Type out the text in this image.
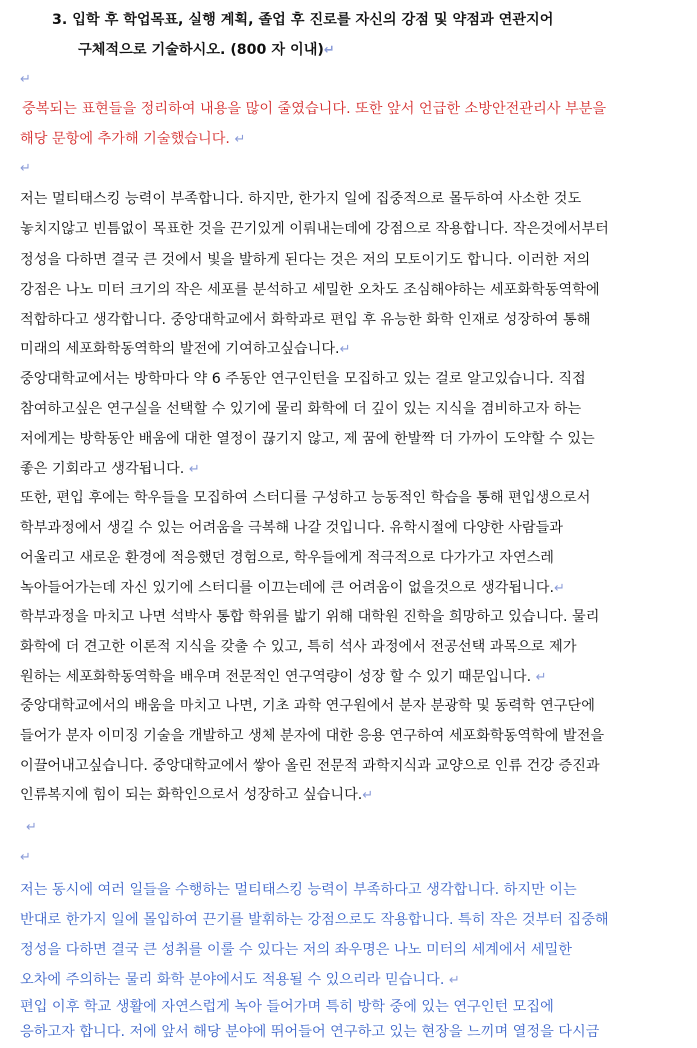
3. 입학 후 학업목표, 실행 계획, 졸업 후 진로를 자신의 강점 및 약점과 연관지어
구체적으로 기술하시오. (800 자 이내)↵
↵
중복되는 표현들을 정리하여 내용을 많이 줄였습니다. 또한 앞서 언급한 소방안전관리사 부분을
해당 문항에 추가해 기술했습니다. ↵
↵
저는 멀티태스킹 능력이 부족합니다. 하지만, 한가지 일에 집중적으로 몰두하여 사소한 것도
놓치지않고 빈틈없이 목표한 것을 끈기있게 이뤄내는데에 강점으로 작용합니다. 작은것에서부터
정성을 다하면 결국 큰 것에서 빛을 발하게 된다는 것은 저의 모토이기도 합니다. 이러한 저의
강점은 나노 미터 크기의 작은 세포를 분석하고 세밀한 오차도 조심해야하는 세포화학동역학에
적합하다고 생각합니다. 중앙대학교에서 화학과로 편입 후 유능한 화학 인재로 성장하여 통해
미래의 세포화학동역학의 발전에 기여하고싶습니다.↵
중앙대학교에서는 방학마다 약 6 주동안 연구인턴을 모집하고 있는 걸로 알고있습니다. 직접
참여하고싶은 연구실을 선택할 수 있기에 물리 화학에 더 깊이 있는 지식을 겸비하고자 하는
저에게는 방학동안 배움에 대한 열정이 끊기지 않고, 제 꿈에 한발짝 더 가까이 도약할 수 있는
좋은 기회라고 생각됩니다. ↵
또한, 편입 후에는 학우들을 모집하여 스터디를 구성하고 능동적인 학습을 통해 편입생으로서
학부과정에서 생길 수 있는 어려움을 극복해 나갈 것입니다. 유학시절에 다양한 사람들과
어울리고 새로운 환경에 적응했던 경험으로, 학우들에게 적극적으로 다가가고 자연스레
녹아들어가는데 자신 있기에 스터디를 이끄는데에 큰 어려움이 없을것으로 생각됩니다.↵
학부과정을 마치고 나면 석박사 통합 학위를 밟기 위해 대학원 진학을 희망하고 있습니다. 물리
화학에 더 견고한 이론적 지식을 갖출 수 있고, 특히 석사 과정에서 전공선택 과목으로 제가
원하는 세포화학동역학을 배우며 전문적인 연구역량이 성장 할 수 있기 때문입니다. ↵
중앙대학교에서의 배움을 마치고 나면, 기초 과학 연구원에서 분자 분광학 및 동력학 연구단에
들어가 분자 이미징 기술을 개발하고 생체 분자에 대한 응용 연구하여 세포화학동역학에 발전을
이끌어내고싶습니다. 중앙대학교에서 쌓아 올린 전문적 과학지식과 교양으로 인류 건강 증진과
인류복지에 힘이 되는 화학인으로서 성장하고 싶습니다.↵
↵
↵
저는 동시에 여러 일들을 수행하는 멀티태스킹 능력이 부족하다고 생각합니다. 하지만 이는
반대로 한가지 일에 몰입하여 끈기를 발휘하는 강점으로도 작용합니다. 특히 작은 것부터 집중해
정성을 다하면 결국 큰 성취를 이룰 수 있다는 저의 좌우명은 나노 미터의 세계에서 세밀한
오차에 주의하는 물리 화학 분야에서도 적용될 수 있으리라 믿습니다. ↵
편입 이후 학교 생활에 자연스럽게 녹아 들어가며 특히 방학 중에 있는 연구인턴 모집에
응하고자 합니다. 저에 앞서 해당 분야에 뛰어들어 연구하고 있는 현장을 느끼며 열정을 다시금
